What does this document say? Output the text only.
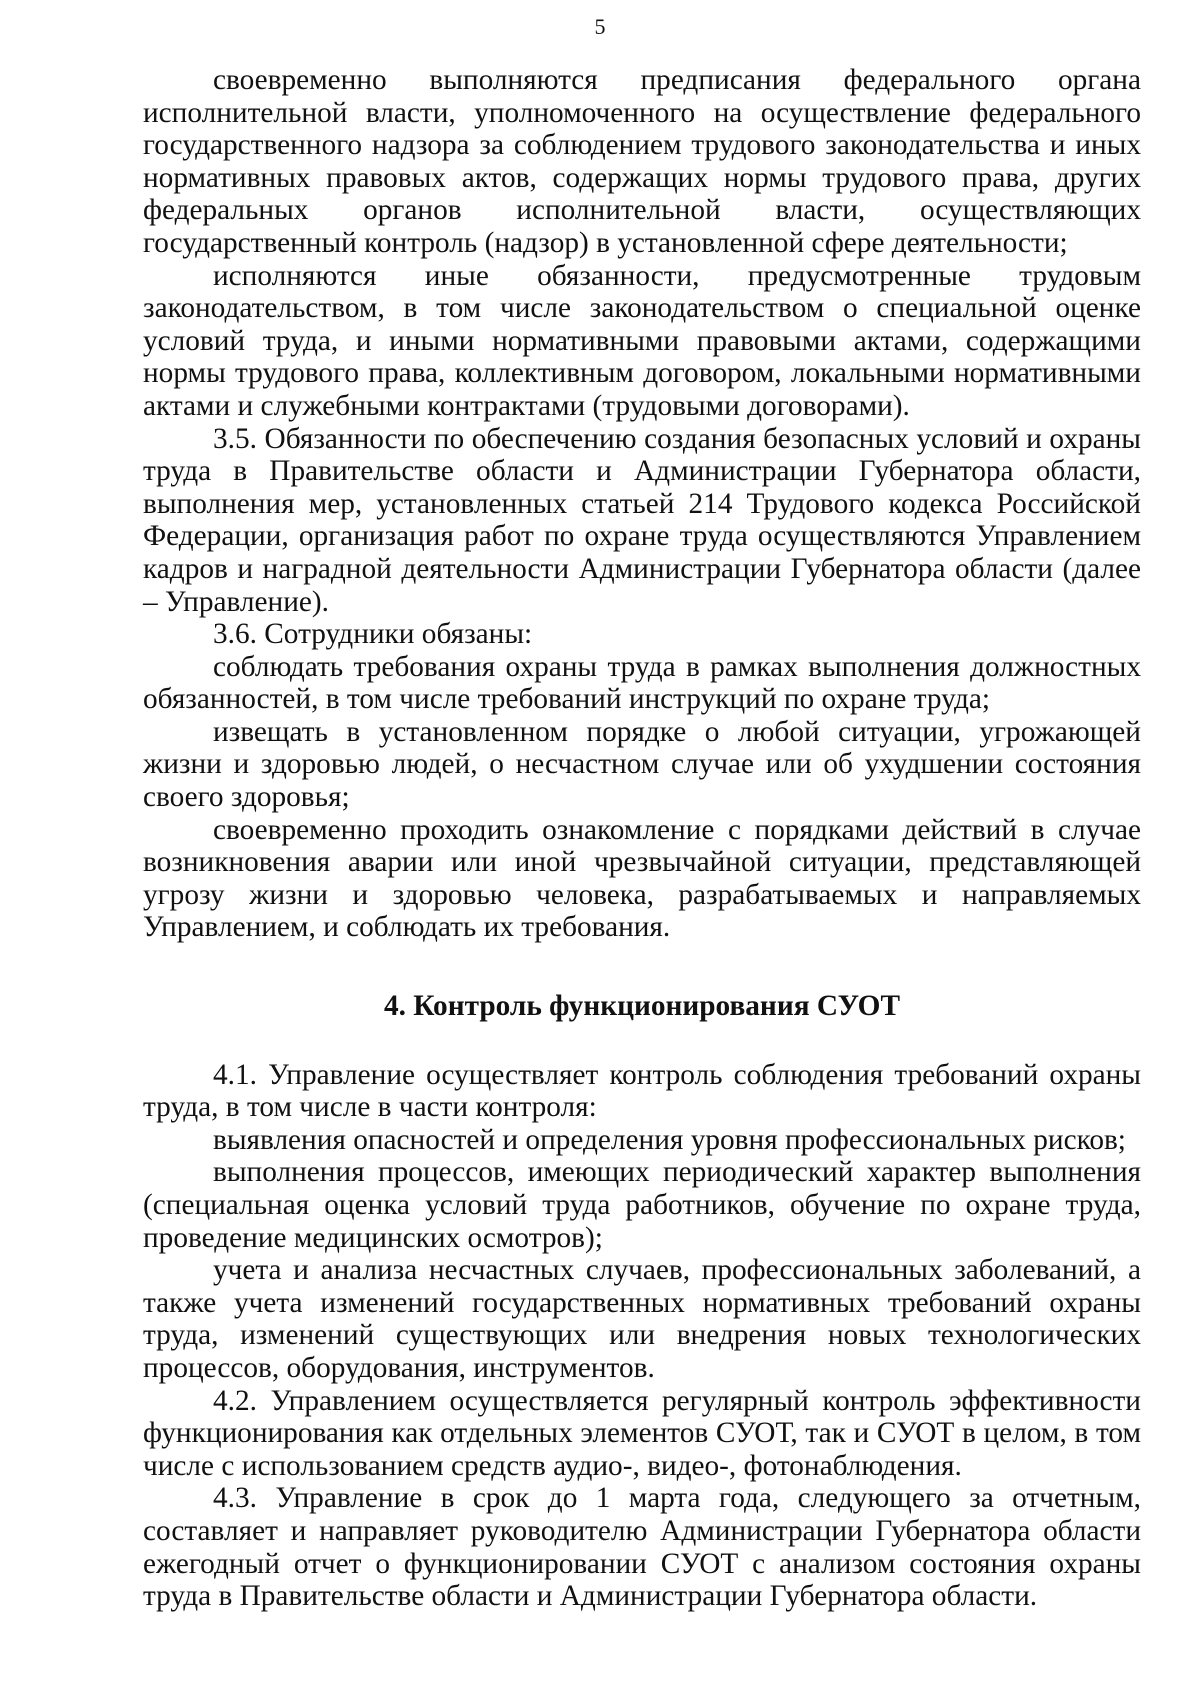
5

своевременно выполняются предписания федерального органа исполнительной власти, уполномоченного на осуществление федерального государственного надзора за соблюдением трудового законодательства и иных нормативных правовых актов, содержащих нормы трудового права, других федеральных органов исполнительной власти, осуществляющих государственный контроль (надзор) в установленной сфере деятельности;

исполняются иные обязанности, предусмотренные трудовым законодательством, в том числе законодательством о специальной оценке условий труда, и иными нормативными правовыми актами, содержащими нормы трудового права, коллективным договором, локальными нормативными актами и служебными контрактами (трудовыми договорами).

3.5. Обязанности по обеспечению создания безопасных условий и охраны труда в Правительстве области и Администрации Губернатора области, выполнения мер, установленных статьей 214 Трудового кодекса Российской Федерации, организация работ по охране труда осуществляются Управлением кадров и наградной деятельности Администрации Губернатора области (далее – Управление).

3.6. Сотрудники обязаны:

соблюдать требования охраны труда в рамках выполнения должностных обязанностей, в том числе требований инструкций по охране труда;

извещать в установленном порядке о любой ситуации, угрожающей жизни и здоровью людей, о несчастном случае или об ухудшении состояния своего здоровья;

своевременно проходить ознакомление с порядками действий в случае возникновения аварии или иной чрезвычайной ситуации, представляющей угрозу жизни и здоровью человека, разрабатываемых и направляемых Управлением, и соблюдать их требования.

4. Контроль функционирования СУОТ

4.1. Управление осуществляет контроль соблюдения требований охраны труда, в том числе в части контроля:

выявления опасностей и определения уровня профессиональных рисков;

выполнения процессов, имеющих периодический характер выполнения (специальная оценка условий труда работников, обучение по охране труда, проведение медицинских осмотров);

учета и анализа несчастных случаев, профессиональных заболеваний, а также учета изменений государственных нормативных требований охраны труда, изменений существующих или внедрения новых технологических процессов, оборудования, инструментов.

4.2. Управлением осуществляется регулярный контроль эффективности функционирования как отдельных элементов СУОТ, так и СУОТ в целом, в том числе с использованием средств аудио-, видео-, фотонаблюдения.

4.3. Управление в срок до 1 марта года, следующего за отчетным, составляет и направляет руководителю Администрации Губернатора области ежегодный отчет о функционировании СУОТ с анализом состояния охраны труда в Правительстве области и Администрации Губернатора области.
